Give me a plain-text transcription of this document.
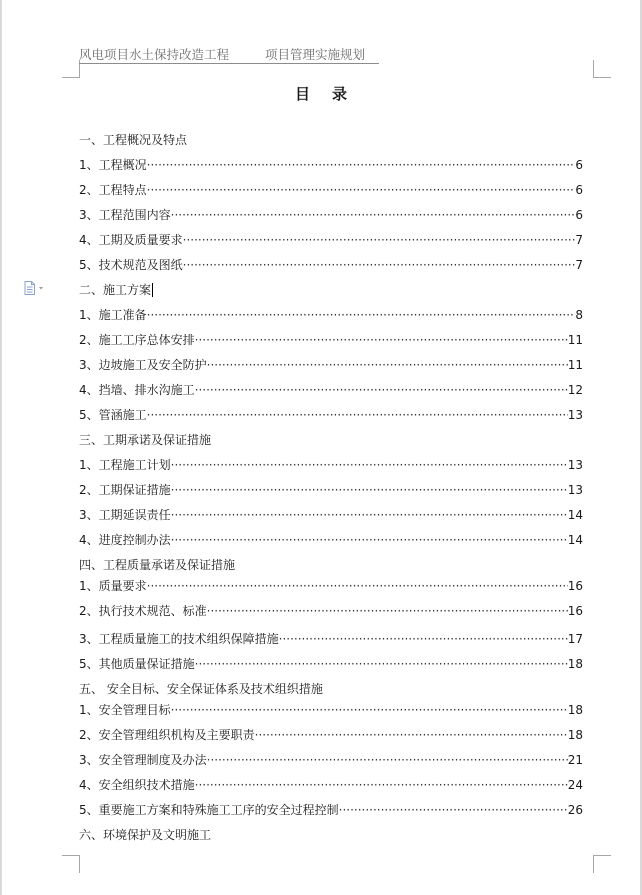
风电项目水土保持改造工程	项目管理实施规划
目录
一、工程概况及特点
1、工程概况 ·····	6
2、工程特点 ·····	6
3、工程范围内容 ·····	6
4、工期及质量要求 ·····	7
5、技术规范及图纸 ·····	7
二、施工方案
1、施工准备 ·····	8
2、施工工序总体安排 ·····	11
3、边坡施工及安全防护 ·····	11
4、挡墙、排水沟施工 ·····	12
5、管涵施工 ·····	13
三、工期承诺及保证措施
1、工程施工计划 ·····	13
2、工期保证措施 ·····	13
3、工期延误责任 ·····	14
4、进度控制办法 ·····	14
四、工程质量承诺及保证措施
1、质量要求 ·····	16
2、执行技术规范、标准 ·····	16
3、工程质量施工的技术组织保障措施 ·····	17
5、其他质量保证措施 ·····	18
五、 安全目标、安全保证体系及技术组织措施
1、安全管理目标 ·····	18
2、安全管理组织机构及主要职责 ·····	18
3、安全管理制度及办法 ·····	21
4、安全组织技术措施 ·····	24
5、重要施工方案和特殊施工工序的安全过程控制 ·····	26
六、环境保护及文明施工
